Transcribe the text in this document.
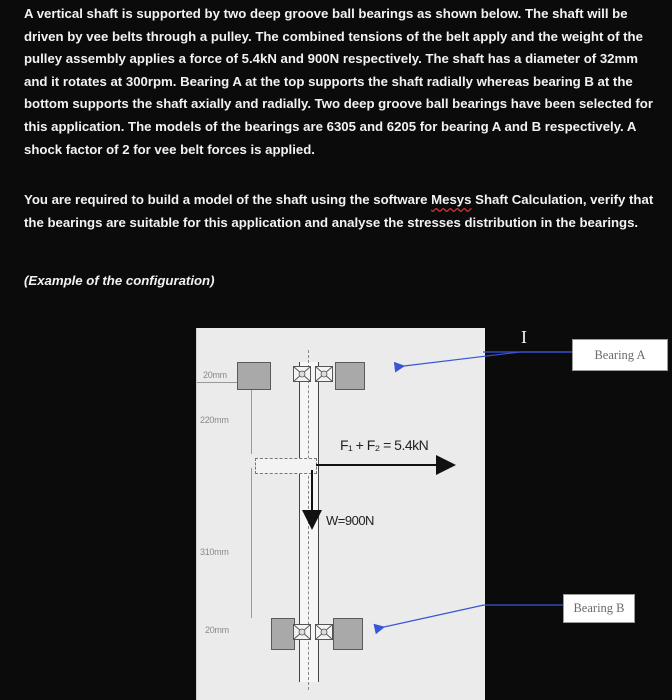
A vertical shaft is supported by two deep groove ball bearings as shown below. The shaft will be driven by vee belts through a pulley. The combined tensions of the belt apply and the weight of the pulley assembly applies a force of 5.4kN and 900N respectively. The shaft has a diameter of 32mm and it rotates at 300rpm. Bearing A at the top supports the shaft radially whereas bearing B at the bottom supports the shaft axially and radially. Two deep groove ball bearings have been selected for this application. The models of the bearings are 6305 and 6205 for bearing A and B respectively. A shock factor of 2 for vee belt forces is applied.

You are required to build a model of the shaft using the software Mesys Shaft Calculation, verify that the bearings are suitable for this application and analyse the stresses distribution in the bearings.

(Example of the configuration)

20mm
220mm
310mm
20mm
F₁ + F₂ = 5.4kN
W=900N
Bearing A
Bearing B
I
